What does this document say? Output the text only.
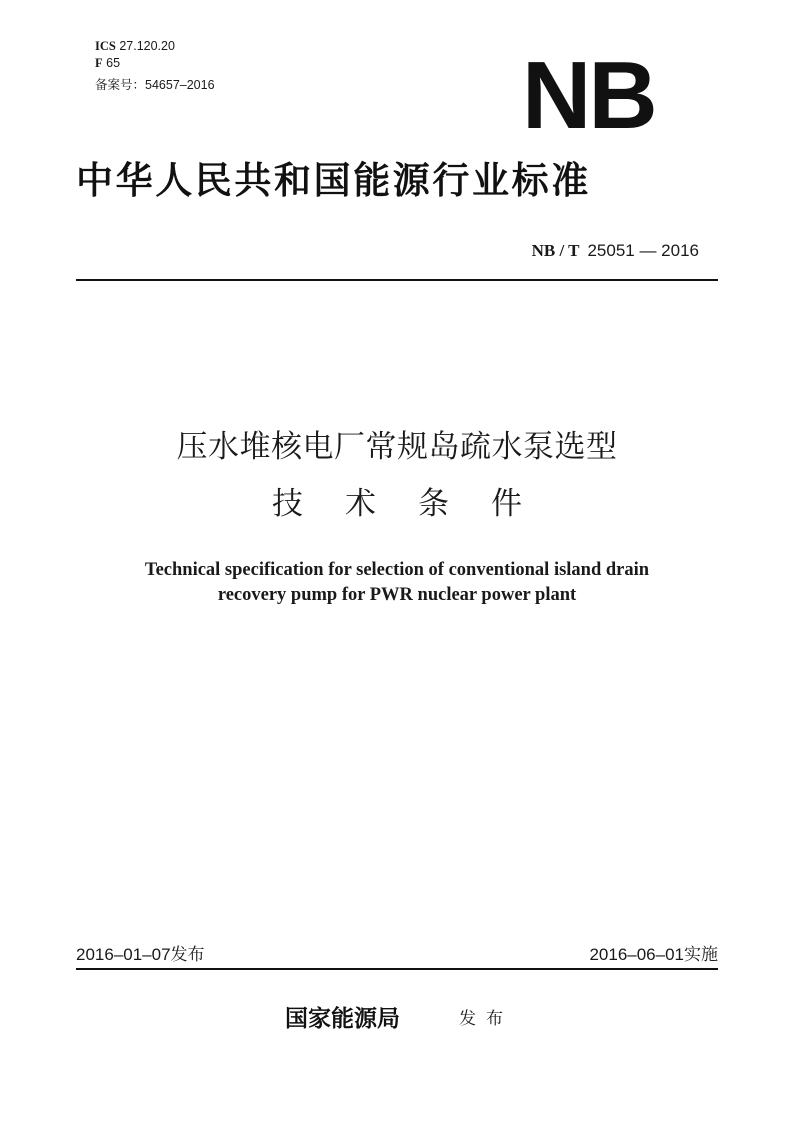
ICS 27.120.20
F 65
备案号：54657–2016	NB
中华人民共和国能源行业标准
NB / T 25051 — 2016
压水堆核电厂常规岛疏水泵选型
技术条件
Technical specification for selection of conventional island drain
recovery pump for PWR nuclear power plant
2016–01–07发布	2016–06–01实施
国家能源局	发布
